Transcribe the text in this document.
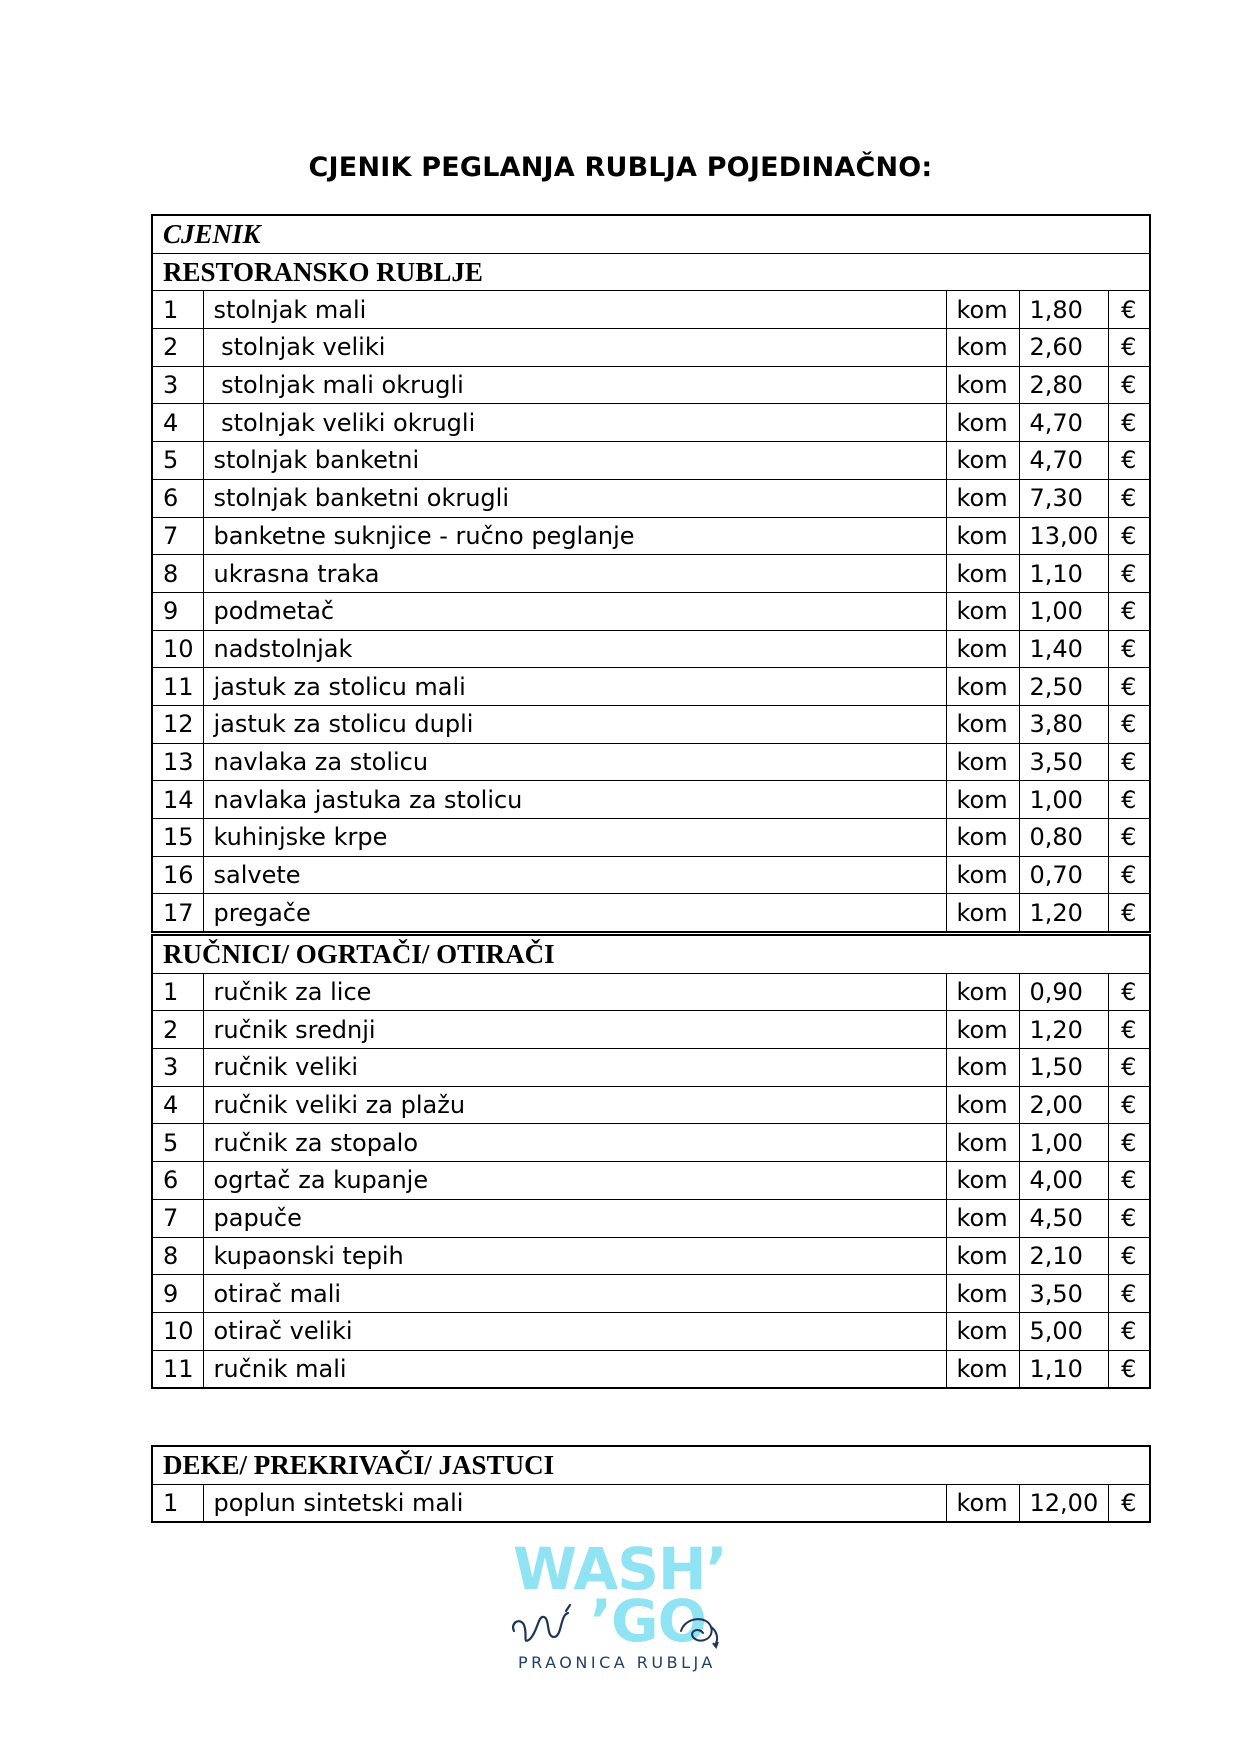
CJENIK PEGLANJA RUBLJA POJEDINAČNO:
CJENIK				
RESTORANSKO RUBLJE				
1	stolnjak mali	kom	1,80	€
2	stolnjak veliki	kom	2,60	€
3	stolnjak mali okrugli	kom	2,80	€
4	stolnjak veliki okrugli	kom	4,70	€
5	stolnjak banketni	kom	4,70	€
6	stolnjak banketni okrugli	kom	7,30	€
7	banketne suknjice - ručno peglanje	kom	13,00	€
8	ukrasna traka	kom	1,10	€
9	podmetač	kom	1,00	€
10	nadstolnjak	kom	1,40	€
11	jastuk za stolicu mali	kom	2,50	€
12	jastuk za stolicu dupli	kom	3,80	€
13	navlaka za stolicu	kom	3,50	€
14	navlaka jastuka za stolicu	kom	1,00	€
15	kuhinjske krpe	kom	0,80	€
16	salvete	kom	0,70	€
17	pregače	kom	1,20	€
RUČNICI/ OGRTAČI/ OTIRAČI				
1	ručnik za lice	kom	0,90	€
2	ručnik srednji	kom	1,20	€
3	ručnik veliki	kom	1,50	€
4	ručnik veliki za plažu	kom	2,00	€
5	ručnik za stopalo	kom	1,00	€
6	ogrtač za kupanje	kom	4,00	€
7	papuče	kom	4,50	€
8	kupaonski tepih	kom	2,10	€
9	otirač mali	kom	3,50	€
10	otirač veliki	kom	5,00	€
11	ručnik mali	kom	1,10	€
DEKE/ PREKRIVAČI/ JASTUCI
1	poplun sintetski mali	kom	12,00	€
WASH’
’GO
PRAONICA RUBLJA
